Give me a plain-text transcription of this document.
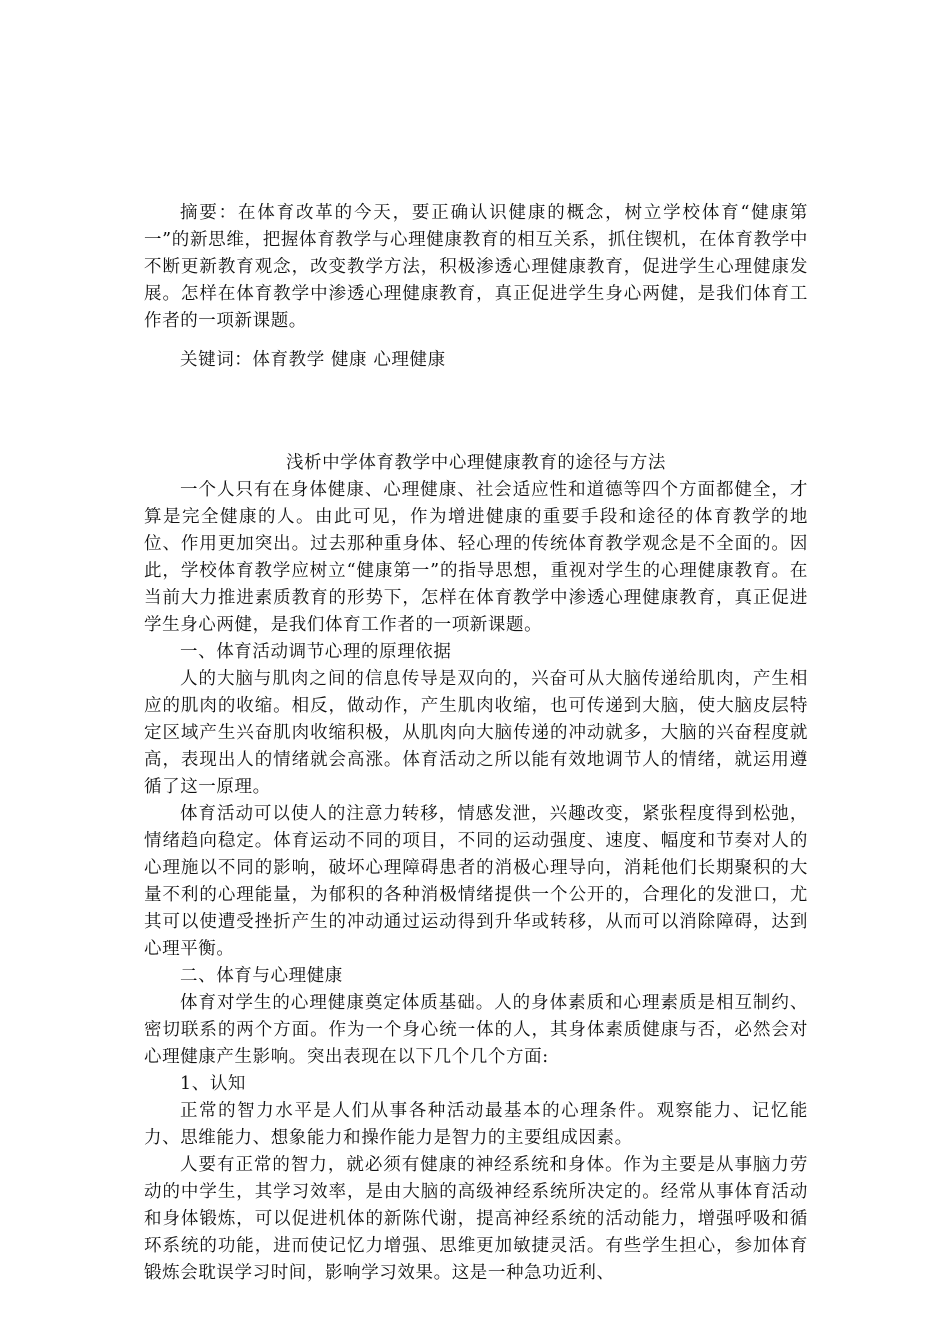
摘要：在体育改革的今天，要正确认识健康的概念，树立学校体育“健康第一”的新思维，把握体育教学与心理健康教育的相互关系，抓住锲机，在体育教学中不断更新教育观念，改变教学方法，积极渗透心理健康教育，促进学生心理健康发展。怎样在体育教学中渗透心理健康教育，真正促进学生身心两健，是我们体育工作者的一项新课题。
关键词：体育教学 健康 心理健康
浅析中学体育教学中心理健康教育的途径与方法

一个人只有在身体健康、心理健康、社会适应性和道德等四个方面都健全，才算是完全健康的人。由此可见，作为增进健康的重要手段和途径的体育教学的地位、作用更加突出。过去那种重身体、轻心理的传统体育教学观念是不全面的。因此，学校体育教学应树立“健康第一”的指导思想，重视对学生的心理健康教育。在当前大力推进素质教育的形势下，怎样在体育教学中渗透心理健康教育，真正促进学生身心两健，是我们体育工作者的一项新课题。

一、体育活动调节心理的原理依据

人的大脑与肌肉之间的信息传导是双向的，兴奋可从大脑传递给肌肉，产生相应的肌肉的收缩。相反，做动作，产生肌肉收缩，也可传递到大脑，使大脑皮层特定区域产生兴奋肌肉收缩积极，从肌肉向大脑传递的冲动就多，大脑的兴奋程度就高，表现出人的情绪就会高涨。体育活动之所以能有效地调节人的情绪，就运用遵循了这一原理。

体育活动可以使人的注意力转移，情感发泄，兴趣改变，紧张程度得到松弛，情绪趋向稳定。体育运动不同的项目，不同的运动强度、速度、幅度和节奏对人的心理施以不同的影响，破坏心理障碍患者的消极心理导向，消耗他们长期聚积的大量不利的心理能量，为郁积的各种消极情绪提供一个公开的，合理化的发泄口，尤其可以使遭受挫折产生的冲动通过运动得到升华或转移，从而可以消除障碍，达到心理平衡。

二、体育与心理健康

体育对学生的心理健康奠定体质基础。人的身体素质和心理素质是相互制约、密切联系的两个方面。作为一个身心统一体的人，其身体素质健康与否，必然会对心理健康产生影响。突出表现在以下几个几个方面:

1、认知

正常的智力水平是人们从事各种活动最基本的心理条件。观察能力、记忆能力、思维能力、想象能力和操作能力是智力的主要组成因素。

人要有正常的智力，就必须有健康的神经系统和身体。作为主要是从事脑力劳动的中学生，其学习效率，是由大脑的高级神经系统所决定的。经常从事体育活动和身体锻炼，可以促进机体的新陈代谢，提高神经系统的活动能力，增强呼吸和循环系统的功能，进而使记忆力增强、思维更加敏捷灵活。有些学生担心，参加体育锻炼会耽误学习时间，影响学习效果。这是一种急功近利、
